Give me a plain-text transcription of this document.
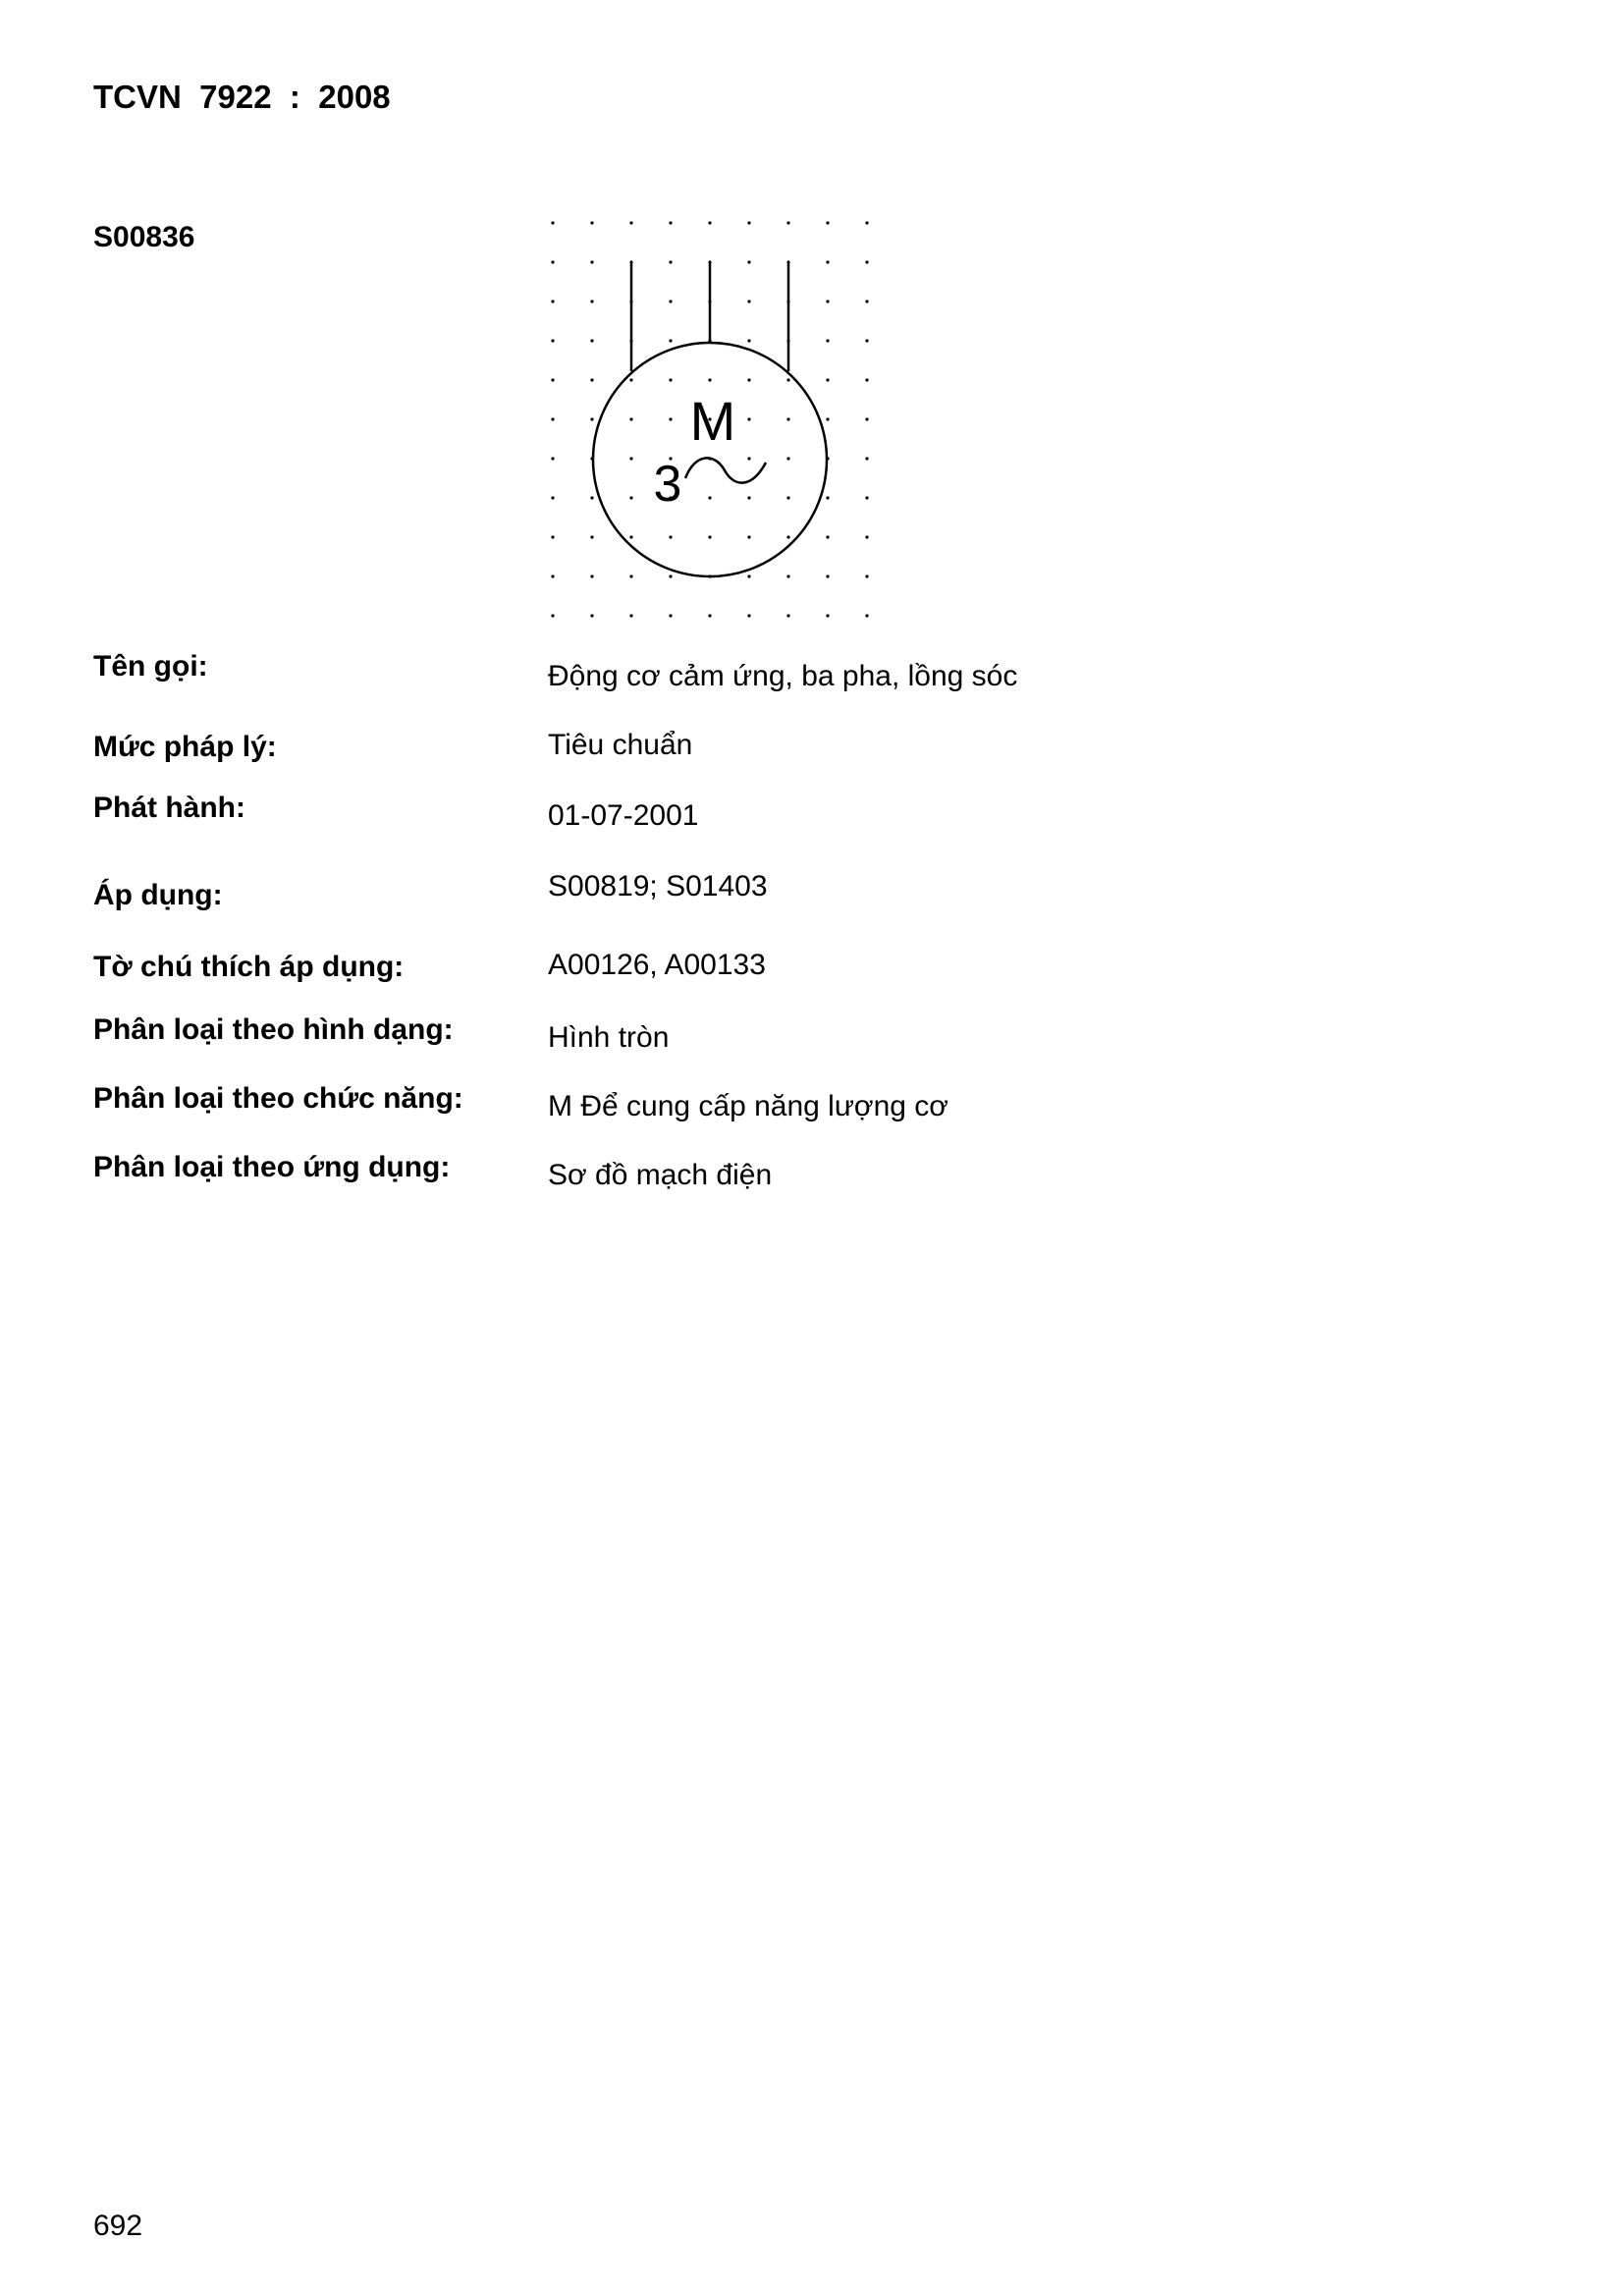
TCVN  7922  :  2008
S00836
M
3
Tên gọi:	Động cơ cảm ứng, ba pha, lồng sóc
Mức pháp lý:	Tiêu chuẩn
Phát hành:	01-07-2001
Áp dụng:	S00819; S01403
Tờ chú thích áp dụng:	A00126, A00133
Phân loại theo hình dạng:	Hình tròn
Phân loại theo chức năng:	M Để cung cấp năng lượng cơ
Phân loại theo ứng dụng:	Sơ đồ mạch điện
692
